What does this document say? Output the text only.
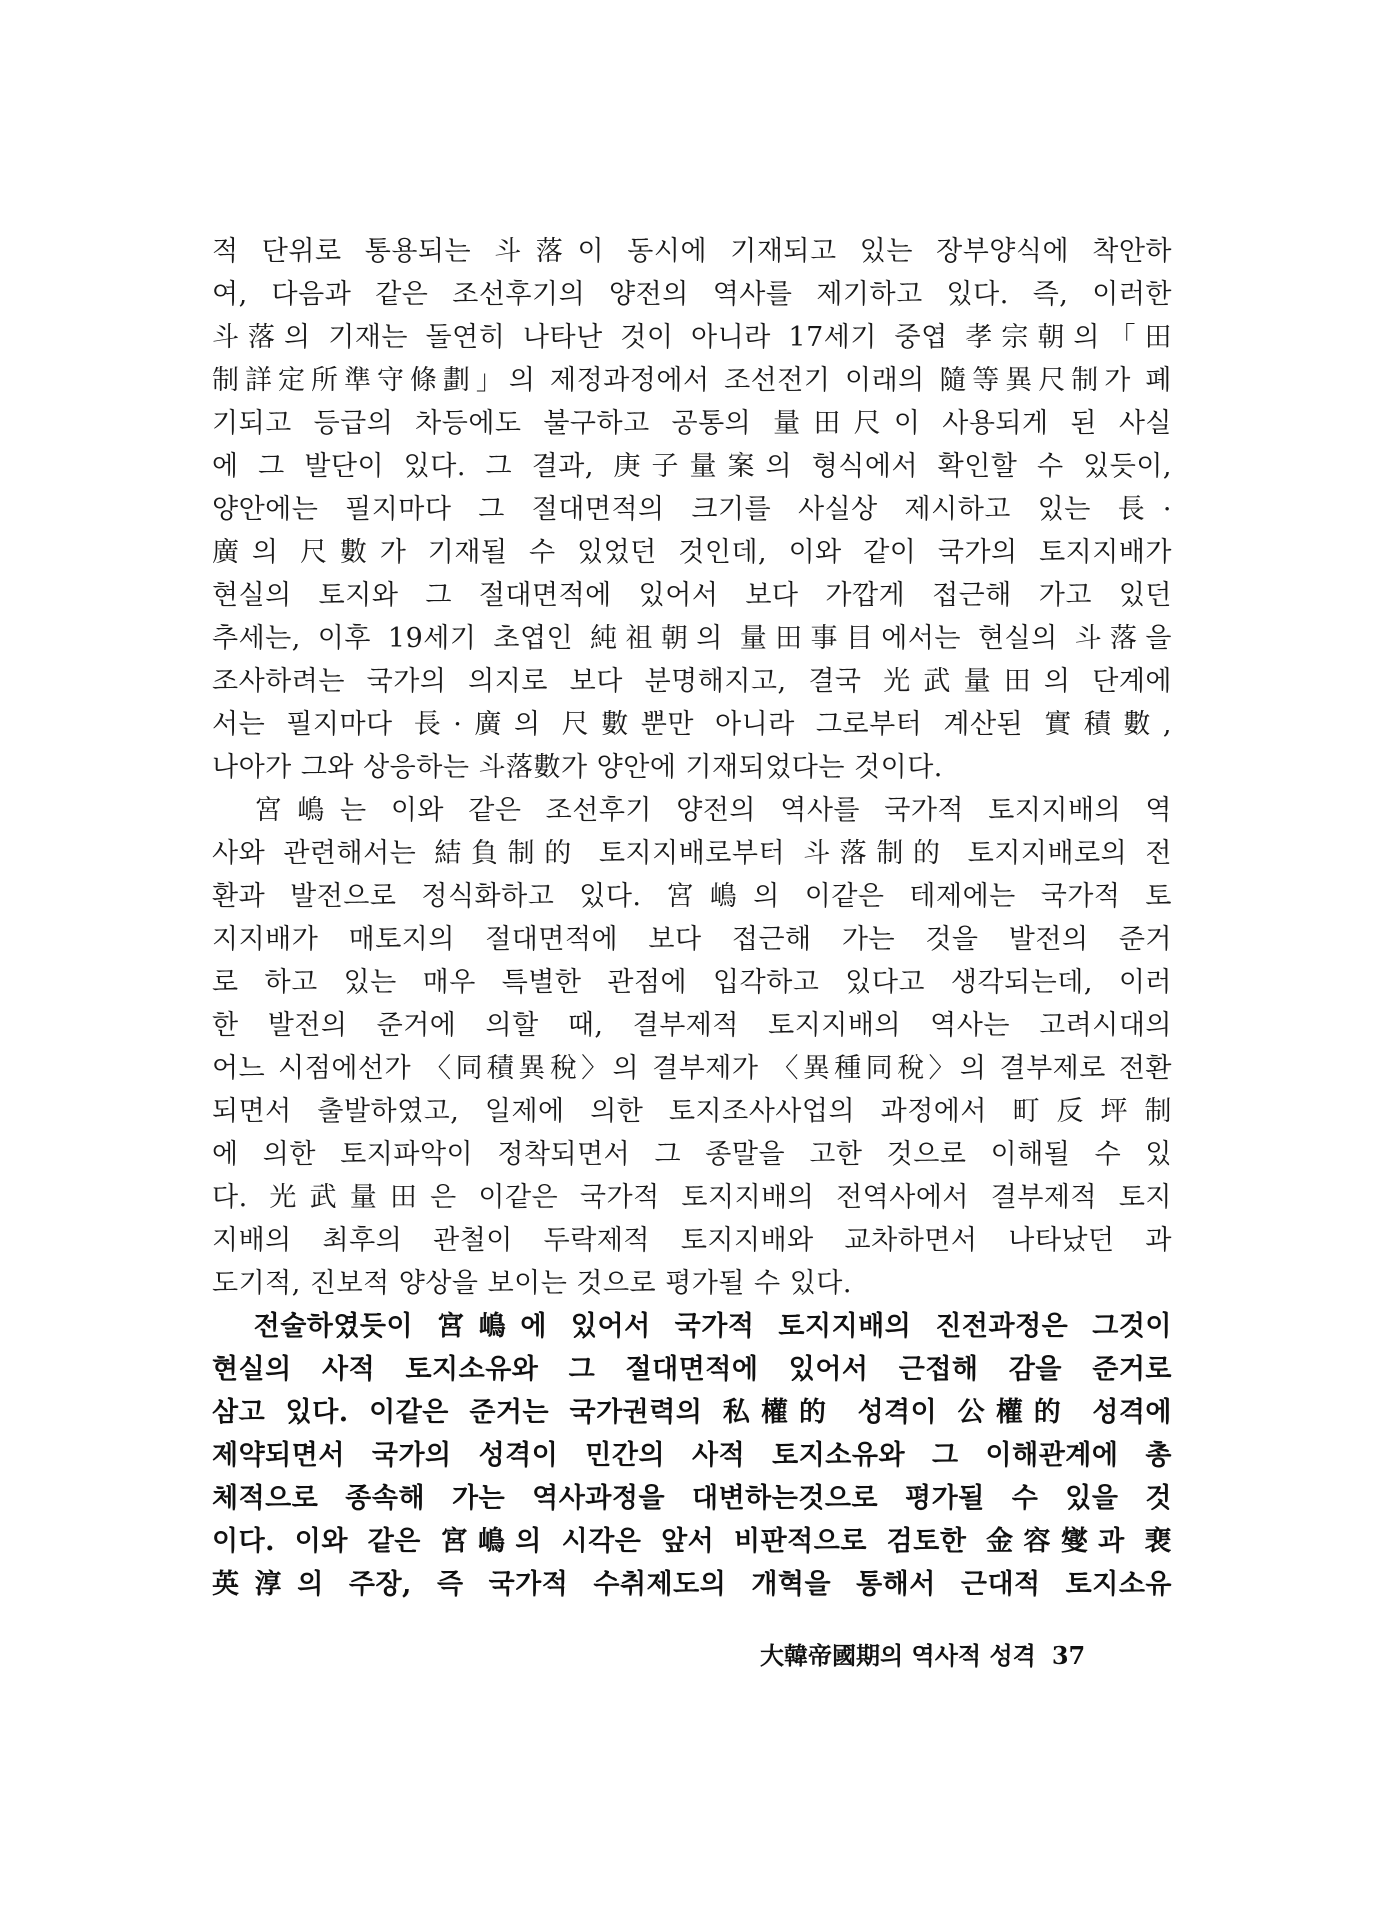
적 단위로 통용되는 斗落이 동시에 기재되고 있는 장부양식에 착안하
여, 다음과 같은 조선후기의 양전의 역사를 제기하고 있다. 즉, 이러한
斗落의 기재는 돌연히 나타난 것이 아니라 17세기 중엽 孝宗朝의「田
制詳定所準守條劃」의 제정과정에서 조선전기 이래의 隨等異尺制가 폐
기되고 등급의 차등에도 불구하고 공통의 量田尺이 사용되게 된 사실
에 그 발단이 있다. 그 결과, 庚子量案의 형식에서 확인할 수 있듯이,
양안에는 필지마다 그 절대면적의 크기를 사실상 제시하고 있는 長·
廣의 尺數가 기재될 수 있었던 것인데, 이와 같이 국가의 토지지배가
현실의 토지와 그 절대면적에 있어서 보다 가깝게 접근해 가고 있던
추세는, 이후 19세기 초엽인 純祖朝의 量田事目에서는 현실의 斗落을
조사하려는 국가의 의지로 보다 분명해지고, 결국 光武量田의 단계에
서는 필지마다 長·廣의 尺數뿐만 아니라 그로부터 계산된 實積數,
나아가 그와 상응하는 斗落數가 양안에 기재되었다는 것이다.
　宮嶋는 이와 같은 조선후기 양전의 역사를 국가적 토지지배의 역
사와 관련해서는 結負制的 토지지배로부터 斗落制的 토지지배로의 전
환과 발전으로 정식화하고 있다. 宮嶋의 이같은 테제에는 국가적 토
지지배가 매토지의 절대면적에 보다 접근해 가는 것을 발전의 준거
로 하고 있는 매우 특별한 관점에 입각하고 있다고 생각되는데, 이러
한 발전의 준거에 의할 때, 결부제적 토지지배의 역사는 고려시대의
어느 시점에선가 〈同積異稅〉의 결부제가 〈異種同稅〉의 결부제로 전환
되면서 출발하였고, 일제에 의한 토지조사사업의 과정에서 町反坪制
에 의한 토지파악이 정착되면서 그 종말을 고한 것으로 이해될 수 있
다. 光武量田은 이같은 국가적 토지지배의 전역사에서 결부제적 토지
지배의 최후의 관철이 두락제적 토지지배와 교차하면서 나타났던 과
도기적, 진보적 양상을 보이는 것으로 평가될 수 있다.
　전술하였듯이 宮嶋에 있어서 국가적 토지지배의 진전과정은 그것이
현실의 사적 토지소유와 그 절대면적에 있어서 근접해 감을 준거로
삼고 있다. 이같은 준거는 국가권력의 私權的 성격이 公權的 성격에
제약되면서 국가의 성격이 민간의 사적 토지소유와 그 이해관계에 총
체적으로 종속해 가는 역사과정을 대변하는것으로 평가될 수 있을 것
이다. 이와 같은 宮嶋의 시각은 앞서 비판적으로 검토한 金容燮과 裵
英淳의 주장, 즉 국가적 수취제도의 개혁을 통해서 근대적 토지소유
大韓帝國期의 역사적 성격 37
